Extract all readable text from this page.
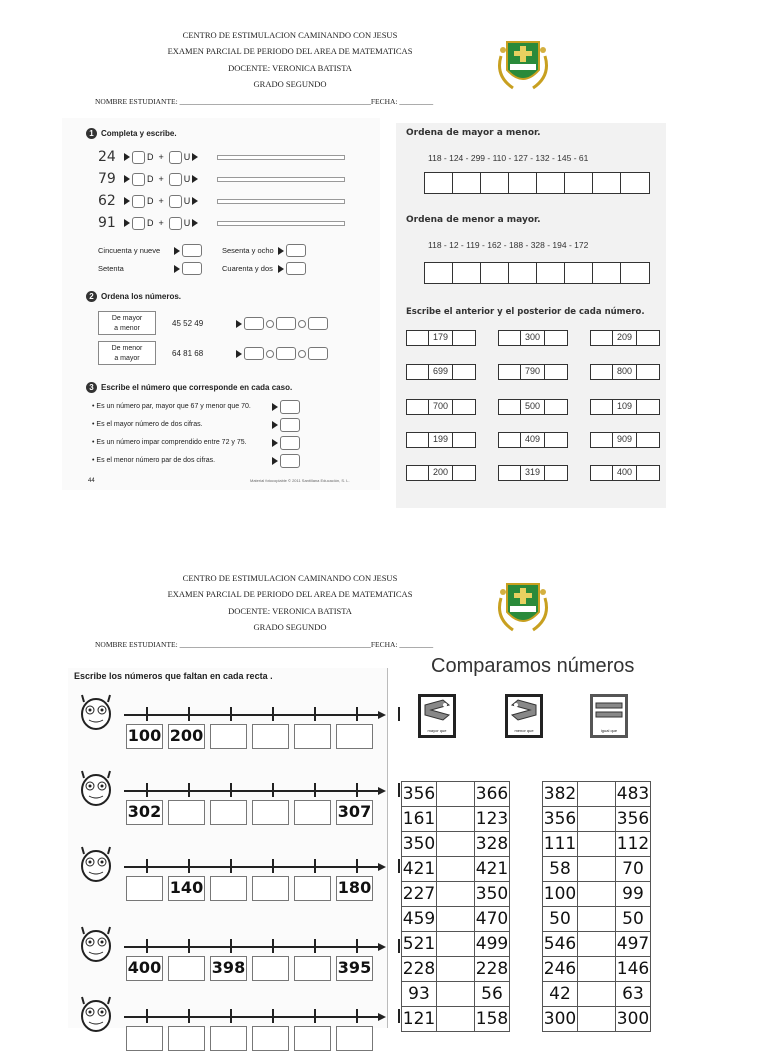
CENTRO DE ESTIMULACION CAMINANDO CON JESUS
EXAMEN PARCIAL DE PERIODO DEL AREA DE MATEMATICAS
DOCENTE: VERONICA BATISTA
GRADO SEGUNDO
NOMBRE ESTUDIANTE: ___________________________________________________FECHA: _________
1 Completa y escribe.
24	D + U
79	D + U
62	D + U
91	D + U
Cincuenta y nueve	Sesenta y ocho
Setenta	Cuarenta y dos
2 Ordena los números.
De mayor
a menor
45 52 49
De menor
a mayor
64 81 68
3 Escribe el número que corresponde en cada caso.
• Es un número par, mayor que 67 y menor que 70.
• Es el mayor número de dos cifras.
• Es un número impar comprendido entre 72 y 75.
• Es el menor número par de dos cifras.
44	Material fotocopiable © 2011 Santillana Educación, S. L.
Ordena de mayor a menor.
118 - 124 - 299 - 110 - 127 - 132 - 145 - 61
Ordena de menor a mayor.
118 - 12 - 119 - 162 - 188 - 328 - 194 - 172
Escribe el anterior y el posterior de cada número.
179	300	209
699	790	800
700	500	109
199	409	909
200	319	400
CENTRO DE ESTIMULACION CAMINANDO CON JESUS
EXAMEN PARCIAL DE PERIODO DEL AREA DE MATEMATICAS
DOCENTE: VERONICA BATISTA
GRADO SEGUNDO
NOMBRE ESTUDIANTE: ___________________________________________________FECHA: _________
Escribe los números que faltan en cada recta .
100 200
302	307
140	180
400	398	395
Comparamos números
mayor que	menor que	igual que
356		366
161		123
350		328
421		421
227		350
459		470
521		499
228		228
93		56
121		158
382		483
356		356
111		112
58		70
100		99
50		50
546		497
246		146
42		63
300		300
